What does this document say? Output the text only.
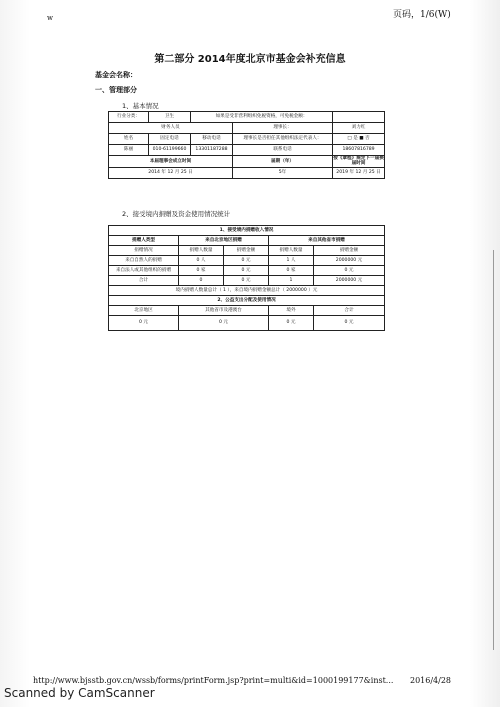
w	页码，1/6(W)
第二部分 2014年度北京市基金会补充信息
基金会名称：
一、管理部分
1、基本情况
行业分类：	卫生	如果是受非营利组织免税资格，可免税金额：		
财务人员			理事长：	刘力红
姓名	固定电话	移动电话	理事长是否担任其他组织法定代表人：	□ 是 ■ 否
陈丽	010-61199660	13301187288	联系电话	18607816789
本届理事会成立时间			届期（年）	按《章程》规定下一届换届时间
2014 年 12 月 25 日			5年	2019 年 12 月 25 日
2、接受境内捐赠及资金使用情况统计
1、接受境内捐赠收入情况				
捐赠人类型	来自北京地区捐赠		来自其他省市捐赠	
捐赠情况	捐赠人数量	捐赠金额	捐赠人数量	捐赠金额
来自自然人的捐赠	0 人	0 元	1 人	2000000 元
来自法人或其他组织的捐赠	0 家	0 元	0 家	0 元
合计	0	0 元	1	2000000 元
境内捐赠人数量总计（ 1 ），来自境内捐赠金额总计（ 2000000 ）元				
2、公益支出分配及使用情况				
北京地区	其他省市及港澳台		境外	合计
0 元	0 元		0 元	0 元
http://www.bjsstb.gov.cn/wssb/forms/printForm.jsp?print=multi&id=1000199177&inst... 2016/4/28
Scanned by CamScanner
